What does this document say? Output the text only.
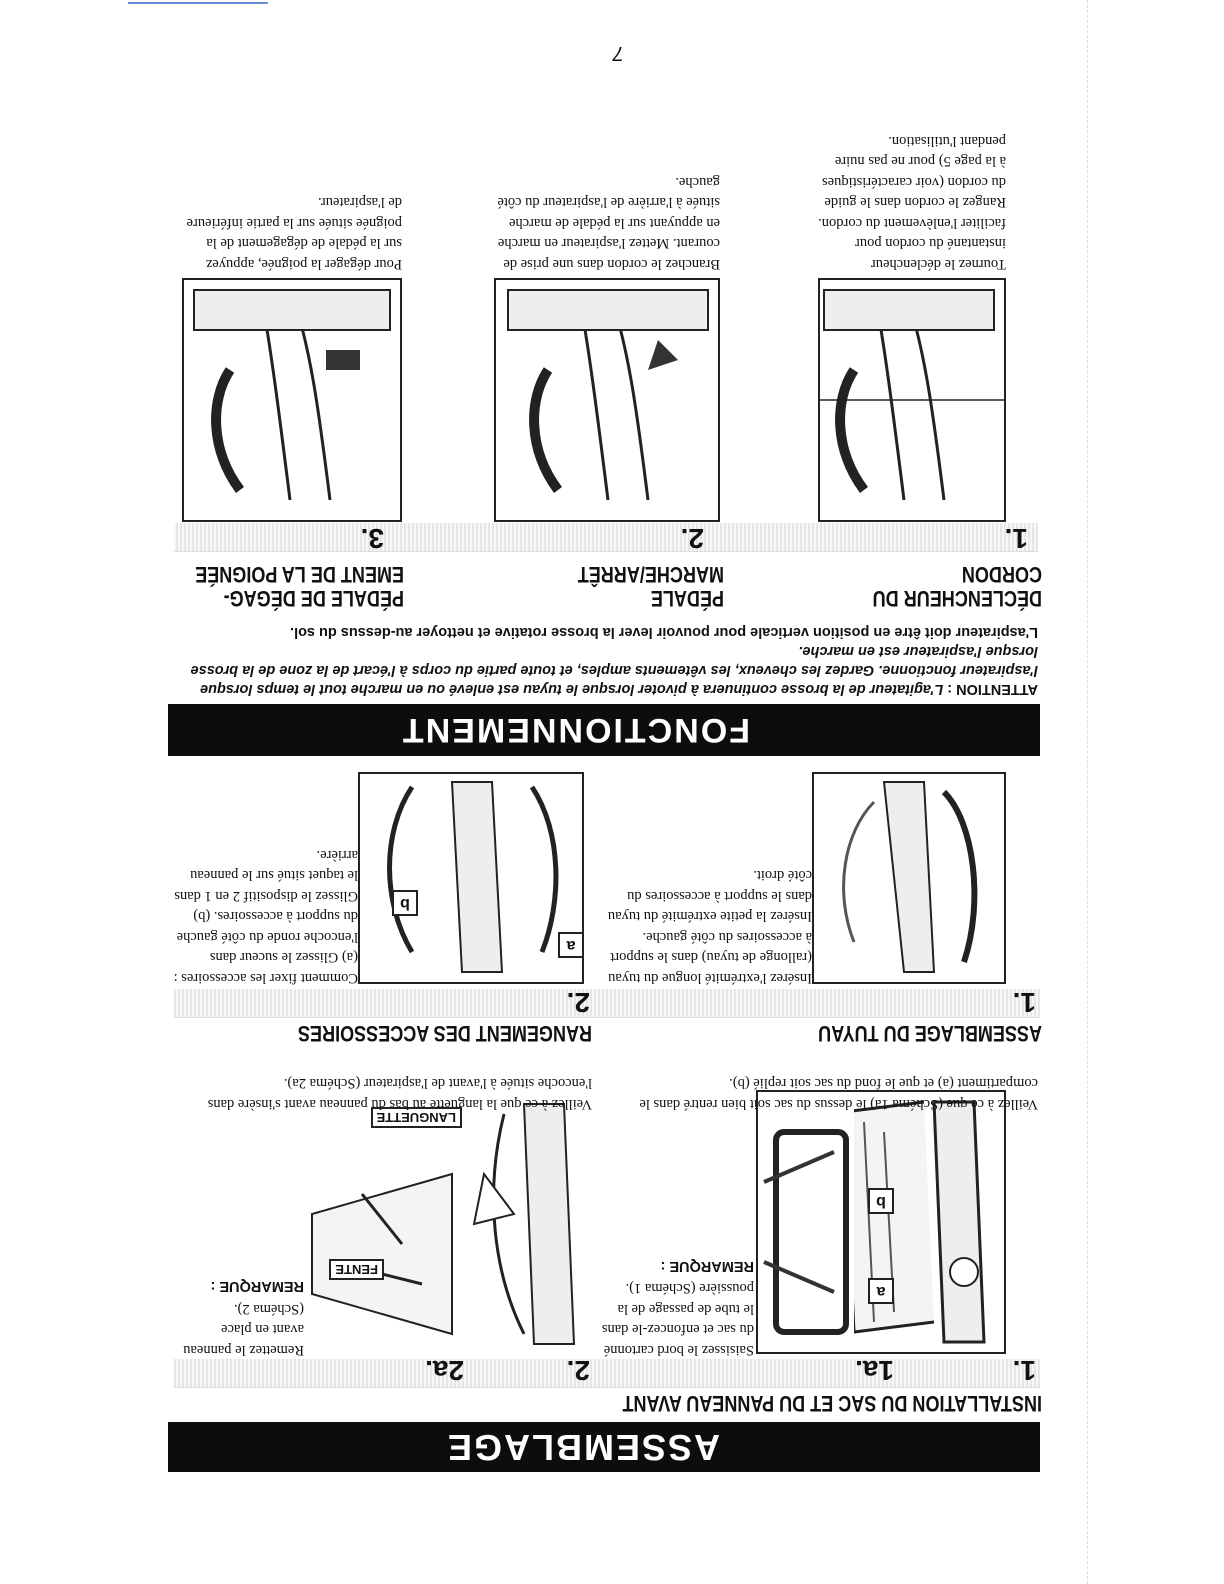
ASSEMBLAGE
INSTALLATION DU SAC ET DU PANNEAU AVANT
1.
1a.
a
b
Saisissez le bord cartonné du sac et enfoncez-le dans le tube de passage de la poussière (Schéma 1).
REMARQUE :
Veillez à ce que (Schéma 1a) le dessus du sac soit bien rentré dans le compartiment (a) et que le fond du sac soit replié (b).
2.
2a.
FENTE
LANGUETTE
Remettez le panneau avant en place (Schéma 2).
REMARQUE :
Veillez à ce que la languette au bas du panneau avant s'insère dans l'encoche située à l'avant de l'aspirateur (Schéma 2a).
ASSEMBLAGE DU TUYAU
1.
Insérez l'extrémité longue du tuyau (rallonge de tuyau) dans le support à accessoires du côté gauche. Insérez la petite extrémité du tuyau dans le support à accessoires du côté droit.
RANGEMENT DES ACCESSOIRES
2.
a
b
Comment fixer les accessoires : (a) Glissez le suceur dans l'encoche ronde du côté gauche du support à accessoires. (b) Glissez le dispositif 2 en 1 dans le taquet situé sur le panneau arrière.
FONCTIONNEMENT
ATTENTION : L'agitateur de la brosse continuera à pivoter lorsque le tuyau est enlevé ou en marche tout le temps lorsque l'aspirateur fonctionne. Gardez les cheveux, les vêtements amples, et toute partie du corps à l'écart de la zone de la brosse lorsque l'aspirateur est en marche.
L'aspirateur doit être en position verticale pour pouvoir lever la brosse rotative et nettoyer au-dessus du sol.
DÉCLENCHEUR DU
CORDON
PÉDALE
MARCHE/ARRÊT
PÉDALE DE DÉGAG-
EMENT DE LA POIGNÉE
1.
Tournez le déclencheur instantané du cordon pour faciliter l'enlèvement du cordon. Rangez le cordon dans le guide du cordon (voir caractéristiques à la page 5) pour ne pas nuire pendant l'utilisation.
2.
Branchez le cordon dans une prise de courant. Mettez l'aspirateur en marche en appuyant sur la pédale de marche située à l'arrière de l'aspirateur du côté gauche.
3.
Pour dégager la poignée, appuyez sur la pédale de dégagement de la poignée située sur la partie inférieure de l'aspirateur.
7
